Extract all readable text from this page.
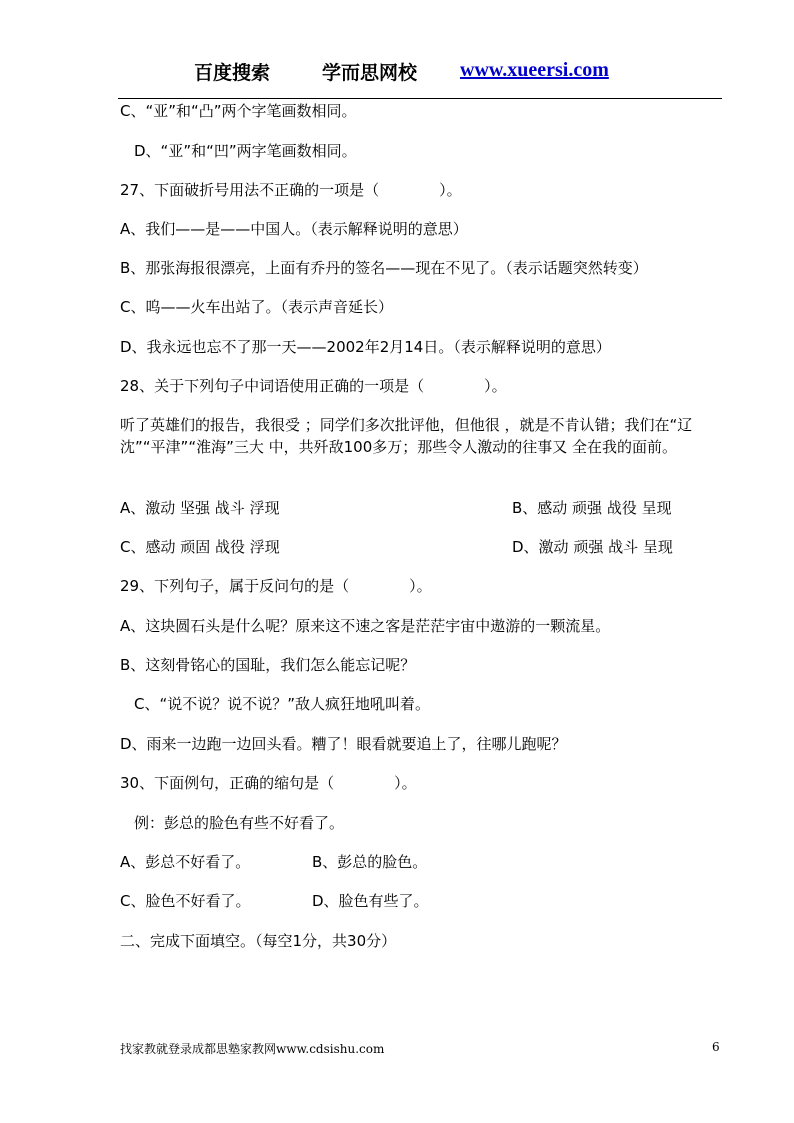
百度搜索	学而思网校 www.xueersi.com
C、“亚”和“凸”两个字笔画数相同。
D、“亚”和“凹”两字笔画数相同。
27、下面破折号用法不正确的一项是（　　　　）。
A、我们——是——中国人。（表示解释说明的意思）
B、那张海报很漂亮，上面有乔丹的签名——现在不见了。（表示话题突然转变）
C、呜——火车出站了。（表示声音延长）
D、我永远也忘不了那一天——2002年2月14日。（表示解释说明的意思）
28、关于下列句子中词语使用正确的一项是（　　　　）。
听了英雄们的报告，我很受 ；同学们多次批评他，但他很 ，就是不肯认错；我们在“辽沈”“平津”“淮海”三大 中，共歼敌100多万；那些令人激动的往事又 全在我的面前。
A、激动 坚强 战斗 浮现	B、感动 顽强 战役 呈现
C、感动 顽固 战役 浮现	D、激动 顽强 战斗 呈现
29、下列句子，属于反问句的是（　　　　）。
A、这块圆石头是什么呢？原来这不速之客是茫茫宇宙中遨游的一颗流星。
B、这刻骨铭心的国耻，我们怎么能忘记呢？
C、“说不说？说不说？”敌人疯狂地吼叫着。
D、雨来一边跑一边回头看。糟了！眼看就要追上了，往哪儿跑呢？
30、下面例句，正确的缩句是（　　　　）。
例：彭总的脸色有些不好看了。
A、彭总不好看了。	B、彭总的脸色。
C、脸色不好看了。	D、脸色有些了。
二、完成下面填空。（每空1分，共30分）
找家教就登录成都思塾家教网www.cdsishu.com	6
